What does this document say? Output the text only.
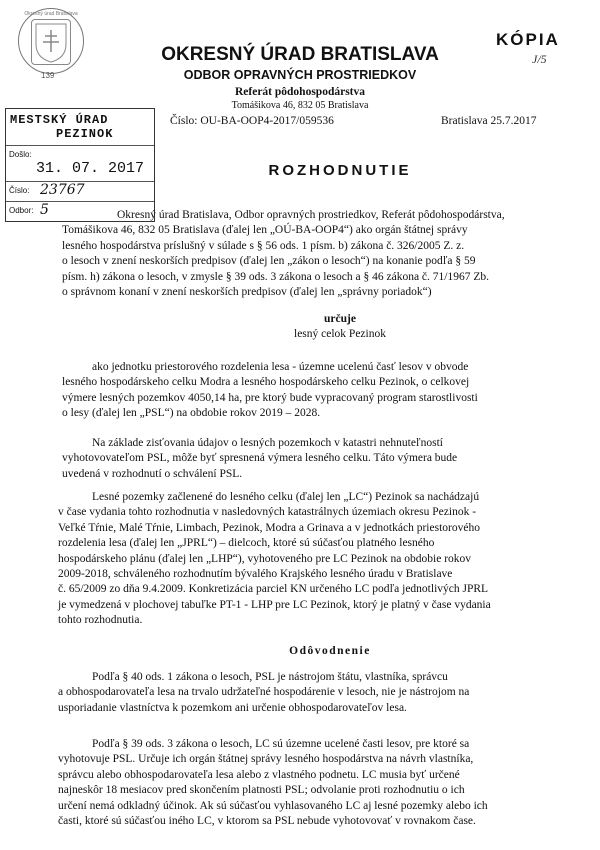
Okresný úrad Bratislava
139
KÓPIA
J/5
OKRESNÝ ÚRAD BRATISLAVA
ODBOR OPRAVNÝCH PROSTRIEDKOV
Referát pôdohospodárstva
Tomášikova 46, 832 05 Bratislava
Číslo: OU-BA-OOP4-2017/059536	Bratislava 25.7.2017
MESTSKÝ ÚRAD
PEZINOK
Došlo:
31. 07. 2017
Číslo: 23767
Odbor: 5
ROZHODNUTIE
Okresný úrad Bratislava, Odbor opravných prostriedkov, Referát pôdohospodárstva,
Tomášikova 46, 832 05 Bratislava (ďalej len „OÚ-BA-OOP4“) ako orgán štátnej správy
lesného hospodárstva príslušný v súlade s § 56 ods. 1 písm. b) zákona č. 326/2005 Z. z.
o lesoch v znení neskorších predpisov (ďalej len „zákon o lesoch“) na konanie podľa § 59
písm. h) zákona o lesoch, v zmysle § 39 ods. 3 zákona o lesoch a § 46 zákona č. 71/1967 Zb.
o správnom konaní v znení neskorších predpisov (ďalej len „správny poriadok“)
určuje
lesný celok Pezinok
ako jednotku priestorového rozdelenia lesa - územne ucelenú časť lesov v obvode
lesného hospodárskeho celku Modra a lesného hospodárskeho celku Pezinok, o celkovej
výmere lesných pozemkov 4050,14 ha, pre ktorý bude vypracovaný program starostlivosti
o lesy (ďalej len „PSL“) na obdobie rokov 2019 – 2028.
Na základe zisťovania údajov o lesných pozemkoch v katastri nehnuteľností
vyhotovovateľom PSL, môže byť spresnená výmera lesného celku. Táto výmera bude
uvedená v rozhodnutí o schválení PSL.
Lesné pozemky začlenené do lesného celku (ďalej len „LC“) Pezinok sa nachádzajú
v čase vydania tohto rozhodnutia v nasledovných katastrálnych územiach okresu Pezinok -
Veľké Tŕnie, Malé Tŕnie, Limbach, Pezinok, Modra a Grinava a v jednotkách priestorového
rozdelenia lesa (ďalej len „JPRL“) – dielcoch, ktoré sú súčasťou platného lesného
hospodárskeho plánu (ďalej len „LHP“), vyhotoveného pre LC Pezinok na obdobie rokov
2009-2018, schváleného rozhodnutím bývalého Krajského lesného úradu v Bratislave
č. 65/2009 zo dňa 9.4.2009. Konkretizácia parciel KN určeného LC podľa jednotlivých JPRL
je vymedzená v plochovej tabuľke PT-1 - LHP pre LC Pezinok, ktorý je platný v čase vydania
tohto rozhodnutia.
Odôvodnenie
Podľa § 40 ods. 1 zákona o lesoch, PSL je nástrojom štátu, vlastníka, správcu
a obhospodarovateľa lesa na trvalo udržateľné hospodárenie v lesoch, nie je nástrojom na
usporiadanie vlastníctva k pozemkom ani určenie obhospodarovateľov lesa.
Podľa § 39 ods. 3 zákona o lesoch, LC sú územne ucelené časti lesov, pre ktoré sa
vyhotovuje PSL. Určuje ich orgán štátnej správy lesného hospodárstva na návrh vlastníka,
správcu alebo obhospodarovateľa lesa alebo z vlastného podnetu. LC musia byť určené
najneskôr 18 mesiacov pred skončením platnosti PSL; odvolanie proti rozhodnutiu o ich
určení nemá odkladný účinok. Ak sú súčasťou vyhlasovaného LC aj lesné pozemky alebo ich
časti, ktoré sú súčasťou iného LC, v ktorom sa PSL nebude vyhotovovať v rovnakom čase.
